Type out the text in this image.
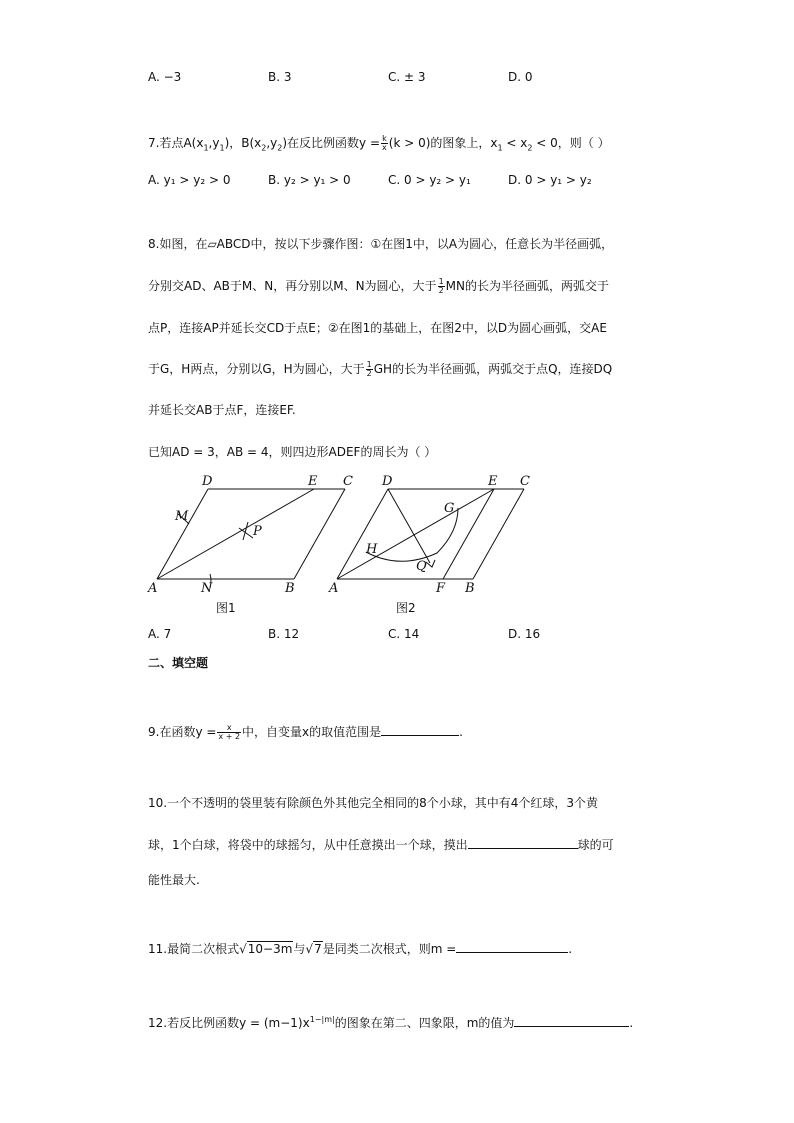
A. −3	B. 3	C. ± 3	D. 0
7.若点$A(x_1,y_1)$，$B(x_2,y_2)$在反比例函数$y = \frac{k}{x} (k > 0)$的图象上，$x_1 < x_2 < 0$，则（ ）
A. y₁ > y₂ > 0	B. y₂ > y₁ > 0	C. 0 > y₂ > y₁	D. 0 > y₁ > y₂
8.如图，在▱ABCD中，按以下步骤作图：①在图1中，以A为圆心，任意长为半径画弧，
分别交AD、AB于M、N，再分别以M、N为圆心，大于 $\frac{1}{2}$ MN的长为半径画弧，两弧交于
点P，连接AP并延长交CD于点E；②在图1的基础上，在图2中，以D为圆心画弧，交AE
于G，H两点，分别以G，H为圆心，大于 $\frac{1}{2}$ GH的长为半径画弧，两弧交于点Q，连接DQ
并延长交AB于点F，连接EF.
已知AD = 3，AB = 4，则四边形ADEF的周长为（ ）
D	E C
M
P
A	N	B
图1
D
G
E C
H
Q
A	F B
图2
A. 7	B. 12	C. 14	D. 16
二、填空题
9.在函数$y = \frac{x}{x + 2}$ 中，自变量x的取值范围是	.
10.一个不透明的袋里装有除颜色外其他完全相同的8个小球，其中有4个红球，3个黄
球，1个白球，将袋中的球摇匀，从中任意摸出一个球，摸出	球的可
能性最大.
11.最简二次根式√10−3m与√7是同类二次根式，则m =	.
12.若反比例函数$y = (m-1)x^{1-|m|}$的图象在第二、四象限，m的值为	.
